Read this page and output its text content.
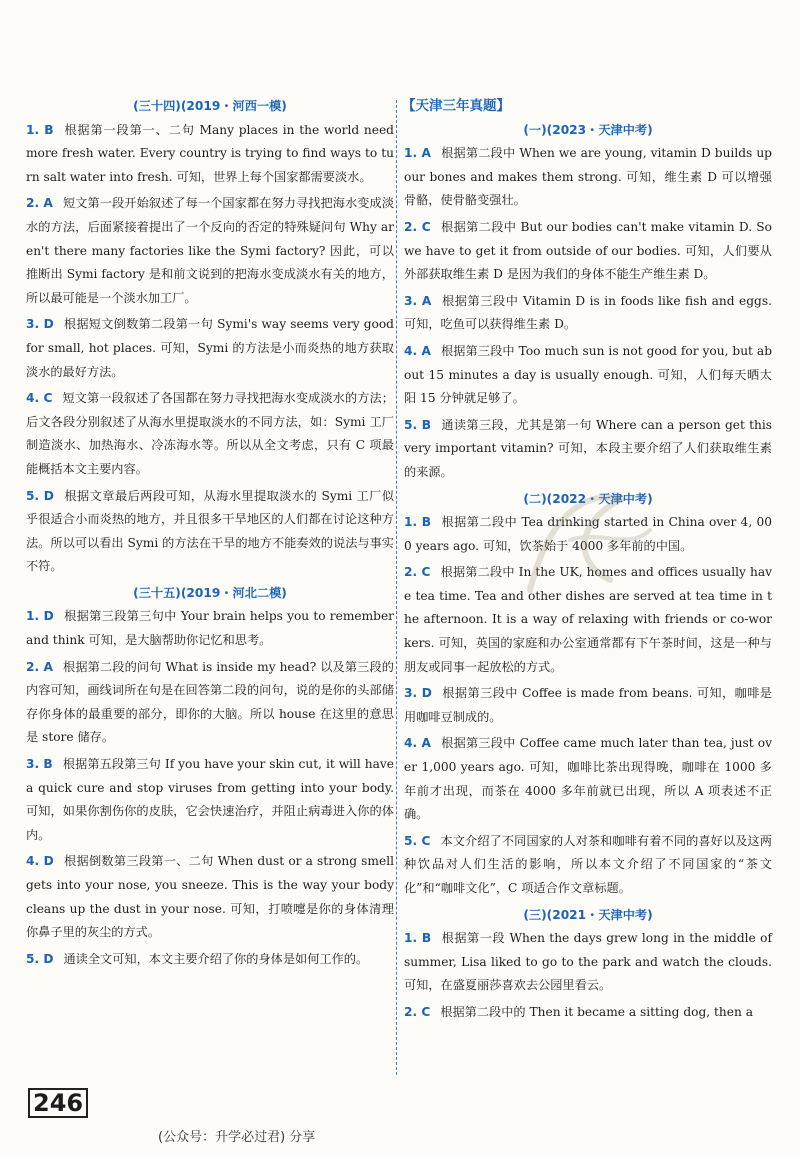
(三十四)(2019・河西一模)

1. B 根据第一段第一、二句 Many places in the world need more fresh water. Every country is trying to find ways to turn salt water into fresh. 可知，世界上每个国家都需要淡水。

2. A 短文第一段开始叙述了每一个国家都在努力寻找把海水变成淡水的方法，后面紧接着提出了一个反向的否定的特殊疑问句 Why aren't there many factories like the Symi factory? 因此，可以推断出 Symi factory 是和前文说到的把海水变成淡水有关的地方，所以最可能是一个淡水加工厂。

3. D 根据短文倒数第二段第一句 Symi's way seems very good for small, hot places. 可知，Symi 的方法是小而炎热的地方获取淡水的最好方法。

4. C 短文第一段叙述了各国都在努力寻找把海水变成淡水的方法；后文各段分别叙述了从海水里提取淡水的不同方法，如：Symi 工厂制造淡水、加热海水、冷冻海水等。所以从全文考虑，只有 C 项最能概括本文主要内容。

5. D 根据文章最后两段可知，从海水里提取淡水的 Symi 工厂似乎很适合小而炎热的地方，并且很多干旱地区的人们都在讨论这种方法。所以可以看出 Symi 的方法在干旱的地方不能奏效的说法与事实不符。

(三十五)(2019・河北二模)

1. D 根据第三段第三句中 Your brain helps you to remember and think 可知，是大脑帮助你记忆和思考。

2. A 根据第二段的问句 What is inside my head? 以及第三段的内容可知，画线词所在句是在回答第二段的问句，说的是你的头部储存你身体的最重要的部分，即你的大脑。所以 house 在这里的意思是 store 储存。

3. B 根据第五段第三句 If you have your skin cut, it will have a quick cure and stop viruses from getting into your body. 可知，如果你割伤你的皮肤，它会快速治疗，并阻止病毒进入你的体内。

4. D 根据倒数第三段第一、二句 When dust or a strong smell gets into your nose, you sneeze. This is the way your body cleans up the dust in your nose. 可知，打喷嚏是你的身体清理你鼻子里的灰尘的方式。

5. D 通读全文可知，本文主要介绍了你的身体是如何工作的。

【天津三年真题】
(一)(2023・天津中考)

1. A 根据第二段中 When we are young, vitamin D builds up our bones and makes them strong. 可知，维生素 D 可以增强骨骼，使骨骼变强壮。

2. C 根据第二段中 But our bodies can't make vitamin D. So we have to get it from outside of our bodies. 可知，人们要从外部获取维生素 D 是因为我们的身体不能生产维生素 D。

3. A 根据第三段中 Vitamin D is in foods like fish and eggs. 可知，吃鱼可以获得维生素 D。

4. A 根据第三段中 Too much sun is not good for you, but about 15 minutes a day is usually enough. 可知，人们每天晒太阳 15 分钟就足够了。

5. B 通读第三段，尤其是第一句 Where can a person get this very important vitamin? 可知，本段主要介绍了人们获取维生素的来源。

(二)(2022・天津中考)

1. B 根据第二段中 Tea drinking started in China over 4, 000 years ago. 可知，饮茶始于 4000 多年前的中国。

2. C 根据第二段中 In the UK, homes and offices usually have tea time. Tea and other dishes are served at tea time in the afternoon. It is a way of relaxing with friends or co-workers. 可知，英国的家庭和办公室通常都有下午茶时间，这是一种与朋友或同事一起放松的方式。

3. D 根据第三段中 Coffee is made from beans. 可知，咖啡是用咖啡豆制成的。

4. A 根据第三段中 Coffee came much later than tea, just over 1,000 years ago. 可知，咖啡比茶出现得晚，咖啡在 1000 多年前才出现，而茶在 4000 多年前就已出现，所以 A 项表述不正确。

5. C 本文介绍了不同国家的人对茶和咖啡有着不同的喜好以及这两种饮品对人们生活的影响，所以本文介绍了不同国家的“茶文化”和“咖啡文化”，C 项适合作文章标题。

(三)(2021・天津中考)

1. B 根据第一段 When the days grew long in the middle of summer, Lisa liked to go to the park and watch the clouds. 可知，在盛夏丽莎喜欢去公园里看云。

2. C 根据第二段中的 Then it became a sitting dog, then a

246
(公众号：升学必过君) 分享
